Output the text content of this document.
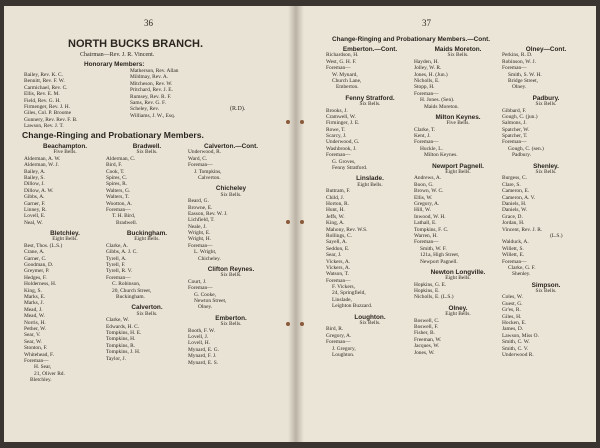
36
NORTH BUCKS BRANCH.
Chairman—Rev. J. R. Vincent.
Honorary Members:
Bailey, Rev. K. C.
Bennitt, Rev. F. W.
Carmichael, Rev. C.
Ellis, Rev. E. M.
Field, Rev. G. H.
Firmenger, Rev. J. H.
Giles, Col. P. Broome
Gunnery, Rev. Rev. F. B.
Lawson, Rev. J. T.
Matherson, Rev. Allan
Mildmay, Rev. A.
Mitcheson, Rev. W.
Pritchard, Rev. J. E.
Rumsey, Rev. R. F.
Sams, Rev. G. F.
Scheley, Rev.
Williams, J. W., Esq.
(R.D).
Change-Ringing and Probationary Members.
Beachampton.
Five Bells.
Alderman, A. W.
Alderman, W. J.
Bailey, A.
Bailey, S.
Dillow, J.
Dillow, A. W.
Gibbs, A.
Garner, F.
Linney, R.
Lovell, E.
Neal, W.
Bletchley.
Eight Bells.
Best, Thos. (L.S.)
Crane, A.
Garner, C.
Goodman, D.
Greymer, P.
Hedges, F.
Holderness, H.
King, S.
Marks, E.
Marks, J.
Mead, J.
Mead, W.
Norris, H.
Pether, W.
Sear, V.
Sear, W.
Stonton, F.
Whitehead, F.
Foreman—
H. Sear,
21, Oliver Rd.
Bletchley.
Bradwell.
Six Bells.
Alderman, C.
Bird, F.
Cook, T.
Spires, C.
Spires, R.
Walters, G.
Walters, T.
Wootton, A.
Foreman—
T. H. Bird,
Bradwell.
Buckingham.
Eight Bells.
Clarke, A.
Gibbs, A. J. C.
Tyrell, A.
Tyrell, F.
Tyrell, R. V.
Foreman—
C. Robinson,
20, Church Street,
Buckingham.
Calverton.
Six Bells.
Clarke, W.
Edwards, H. C.
Tompkins, H. E.
Tompkins, H.
Tompkins, R.
Tompkins, J. H.
Taylor, J.
Calverton.—Cont.
Underwood, R.
Ward, C.
Foreman—
J. Tompkins,
Calverton.
Chicheley
Six Bells.
Beard, G.
Browne, E.
Easson, Rev. W. J.
Lichfield, T.
Neale, J.
Wright, E.
Wright, H.
Foreman—
L. Wright,
Chicheley.
Clifton Reynes.
Six Bells.
Court, J.
Foreman—
G. Cooke,
Newton Street,
Olney.
Emberton.
Six Bells.
Booth, F. W.
Lovell, J.
Lovell, H.
Mynard, E. G.
Mynard, F. J.
Mynard, E. S.
37
Change-Ringing and Probationary Members.—Cont.
Emberton.—Cont.
Richardson, H.
West, G. H. F.
Foreman—
W. Mynard,
Church Lane,
Emberton.
Fenny Stratford.
Six Bells.
Brooks, J.
Cramwell, W.
Firminger, J. E.
Rowe, T.
Scarcy, J.
Underwood, G.
Washbrook, J.
Foreman—
G. Groves,
Fenny Stratford.
Linslade.
Eight Bells.
Buttram, F.
Child, J.
Horton, R.
Hunt, H.
Jeffs, W.
King, A.
Mahony, Rev. W.S.
Rollings, C.
Sayell, A.
Seddon, E.
Sear, J.
Vickers, A.
Vickers, A.
Watson, T.
Foreman—
F. Vickers,
24, Springfield,
Linslade,
Leighton Buzzard.
Loughton.
Six Bells.
Bird, R.
Gregory, A.
Foreman—
J. Gregory,
Loughton.
Maids Moreton.
Six Bells.
Hayden, H.
Jolley, W. R.
Jones, H. (Jun.)
Nicholls, E.
Stopp, H.
Foreman—
H. Jones. (Sen).
Maids Moreton.
Milton Keynes.
Five Bells.
Clarke, T.
Kent, J.
Foreman—
Huckle, L.
Milton Keynes.
Newport Pagnell.
Eight Bells.
Andrews, A.
Boon, G.
Brown, W. C.
Ellis, W.
Gregory, A.
Hill, W.
Inwood, W. H.
Lathall, E.
Tompkins, F. C.
Warren, H.
Foreman—
Smith, W. F.
121a, High Street,
Newport Pagnell.
Newton Longville.
Eight Bells.
Hopkins, G. E.
Hopkins, E.
Nicholls, E. (L.S.)
Olney.
Eight Bells.
Boswell, C.
Boswell, F.
Fisher, B.
Freeman, W.
Jacques, W.
Jones, W.
Olney—Cont.
Perkins, R. D.
Robinson, W. J.
Foreman—
Smith, S. W. H.
Bridge Street,
Olney.
Padbury.
Six Bells.
Gibbard, F.
Gough, C. (jun.)
Salmons, J.
Spatcher, W.
Spatcher, T.
Foreman—
Gough, C. (sen.)
Padbury.
Shenley.
Six Bells.
Burgess, C.
Clare, S.
Cameron, E.
Cameron, A. V.
Daniels, H.
Daniels, W.
Grace, D.
Jordan, H.
Vincent, Rev. J. R.
(L.S.)
Walduck, A.
Willett, S.
Willett, E.
Foreman—
Clarke, G. F.
Shenley.
Simpson.
Six Bells.
Coles, W.
Guest, G.
Gr'es, R.
Giles, H.
Hocken, E.
James, D.
Lawson, Miss O.
Smith, C. W.
Smith, C. V.
Underwood R.
